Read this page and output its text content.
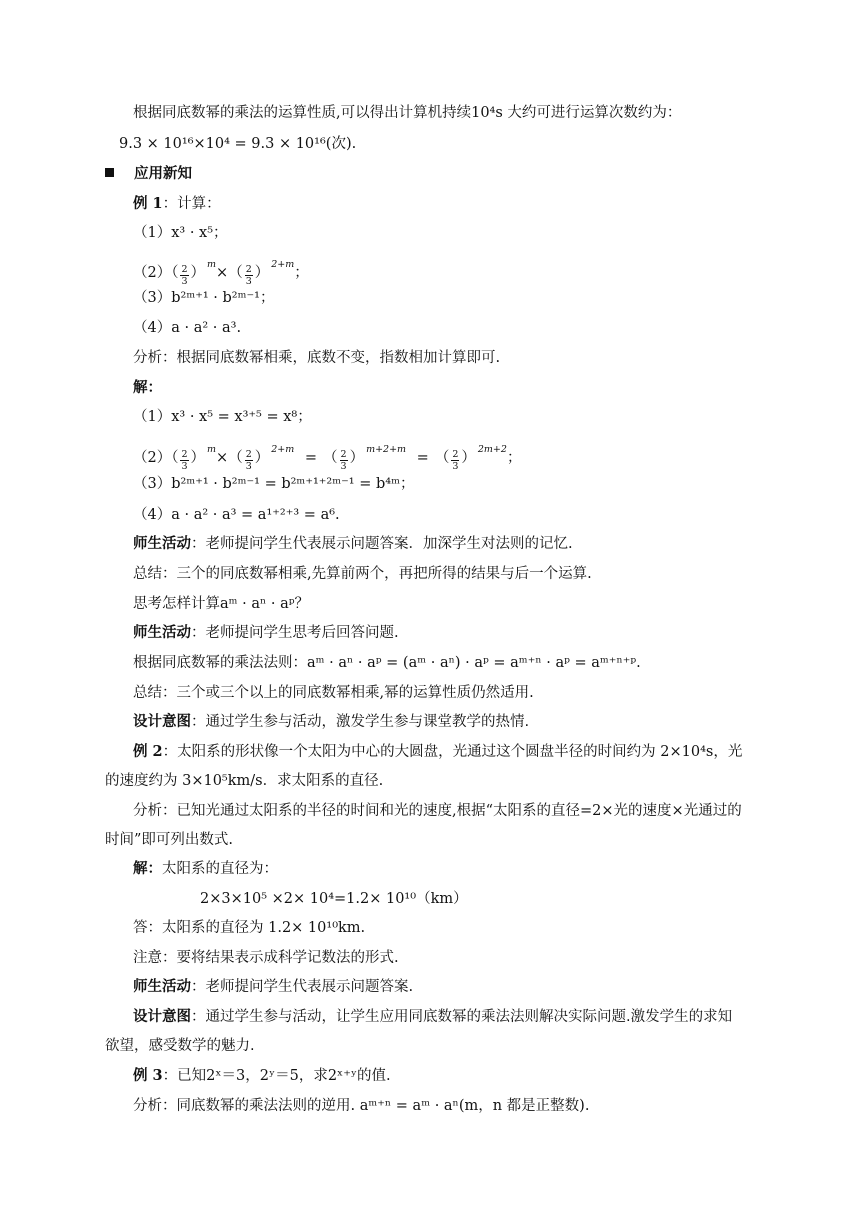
根据同底数幂的乘法的运算性质,可以得出计算机持续10⁴s 大约可进行运算次数约为：
9.3 × 10¹⁶×10⁴ = 9.3 × 10¹⁶(次).
应用新知
例 1：计算：
（1）x³ · x⁵；
$(2)( \frac{2}{3} )^m\times( \frac{2}{3} )^{2+m}$；
（3）b²ᵐ⁺¹ · b²ᵐ⁻¹；
（4）a · a² · a³.
分析：根据同底数幂相乘，底数不变，指数相加计算即可.
解：
（1）x³ · x⁵ = x³⁺⁵ = x⁸；
$(2)( \frac{2}{3} )^m\times( \frac{2}{3} )^{2+m}$ = （ $\frac{2}{3} )^{m+2+m}$ = （ $\frac{2}{3} )^{2m+2}$；
（3）b²ᵐ⁺¹ · b²ᵐ⁻¹ = b²ᵐ⁺¹⁺²ᵐ⁻¹ = b⁴ᵐ；
（4）a · a² · a³ = a¹⁺²⁺³ = a⁶.
师生活动：老师提问学生代表展示问题答案．加深学生对法则的记忆.
总结：三个的同底数幂相乘,先算前两个，再把所得的结果与后一个运算.
思考怎样计算aᵐ · aⁿ · aᵖ？
师生活动：老师提问学生思考后回答问题.
根据同底数幂的乘法法则：aᵐ · aⁿ · aᵖ = (aᵐ · aⁿ) · aᵖ = aᵐ⁺ⁿ · aᵖ = aᵐ⁺ⁿ⁺ᵖ.
总结：三个或三个以上的同底数幂相乘,幂的运算性质仍然适用.
设计意图：通过学生参与活动，激发学生参与课堂教学的热情.
例 2：太阳系的形状像一个太阳为中心的大圆盘，光通过这个圆盘半径的时间约为 2×10⁴s，光
的速度约为 3×10⁵km/s．求太阳系的直径.
分析：已知光通过太阳系的半径的时间和光的速度,根据“太阳系的直径=2×光的速度×光通过的
时间”即可列出数式.
解：太阳系的直径为：
2×3×10⁵ ×2× 10⁴=1.2× 10¹⁰（km）
答：太阳系的直径为 1.2× 10¹⁰km.
注意：要将结果表示成科学记数法的形式.
师生活动：老师提问学生代表展示问题答案.
设计意图：通过学生参与活动，让学生应用同底数幂的乘法法则解决实际问题.激发学生的求知
欲望，感受数学的魅力.
例 3：已知2ˣ＝3，2ʸ＝5，求2ˣ⁺ʸ的值.
分析：同底数幂的乘法法则的逆用. aᵐ⁺ⁿ = aᵐ · aⁿ(m，n 都是正整数).
